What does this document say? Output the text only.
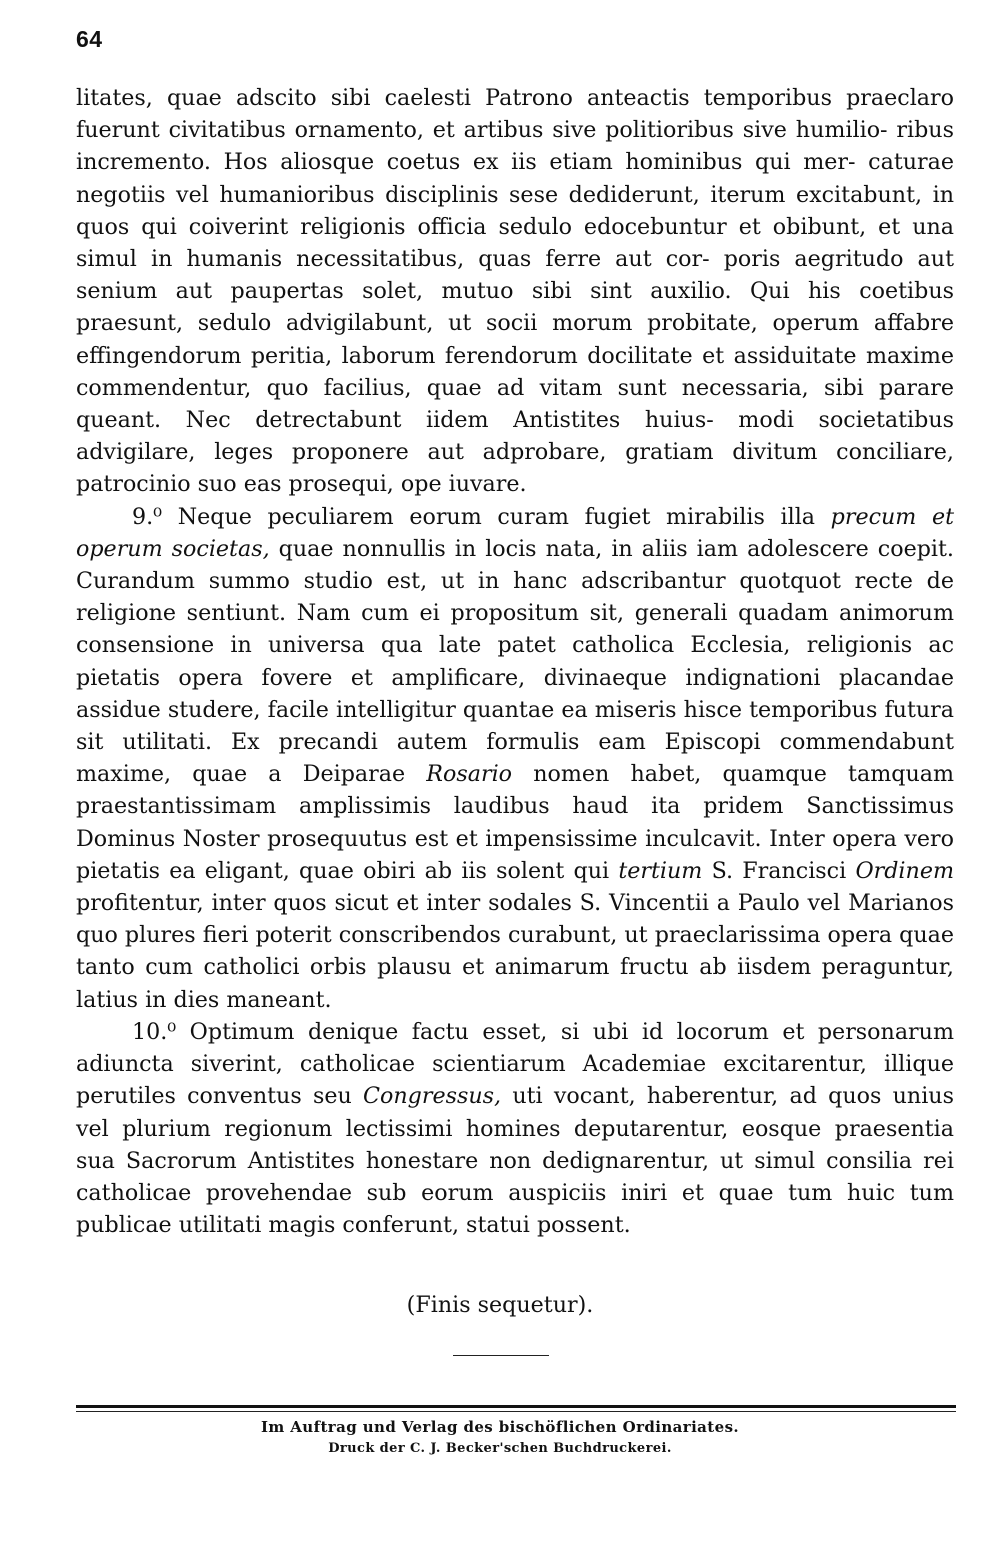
64

litates, quae adscito sibi caelesti Patrono anteactis temporibus praeclaro fuerunt civitatibus ornamento, et artibus sive politioribus sive humilio- ribus incremento. Hos aliosque coetus ex iis etiam hominibus qui mer- caturae negotiis vel humanioribus disciplinis sese dediderunt, iterum excitabunt, in quos qui coiverint religionis officia sedulo edocebuntur et obibunt, et una simul in humanis necessitatibus, quas ferre aut cor- poris aegritudo aut senium aut paupertas solet, mutuo sibi sint auxilio. Qui his coetibus praesunt, sedulo advigilabunt, ut socii morum probitate, operum affabre effingendorum peritia, laborum ferendorum docilitate et assiduitate maxime commendentur, quo facilius, quae ad vitam sunt necessaria, sibi parare queant. Nec detrectabunt iidem Antistites huius- modi societatibus advigilare, leges proponere aut adprobare, gratiam divitum conciliare, patrocinio suo eas prosequi, ope iuvare.

9.⁰ Neque peculiarem eorum curam fugiet mirabilis illa precum et operum societas, quae nonnullis in locis nata, in aliis iam adolescere coepit. Curandum summo studio est, ut in hanc adscribantur quotquot recte de religione sentiunt. Nam cum ei propositum sit, generali quadam animorum consensione in universa qua late patet catholica Ecclesia, religionis ac pietatis opera fovere et amplificare, divinaeque indignationi placandae assidue studere, facile intelligitur quantae ea miseris hisce temporibus futura sit utilitati. Ex precandi autem formulis eam Episcopi commendabunt maxime, quae a Deiparae Rosario nomen habet, quamque tamquam praestantissimam amplissimis laudibus haud ita pridem Sanctissimus Dominus Noster prosequutus est et impensissime inculcavit. Inter opera vero pietatis ea eligant, quae obiri ab iis solent qui tertium S. Francisci Ordinem profitentur, inter quos sicut et inter sodales S. Vincentii a Paulo vel Marianos quo plures fieri poterit conscribendos curabunt, ut praeclarissima opera quae tanto cum catholici orbis plausu et animarum fructu ab iisdem peraguntur, latius in dies maneant.

10.⁰ Optimum denique factu esset, si ubi id locorum et personarum adiuncta siverint, catholicae scientiarum Academiae excitarentur, illique perutiles conventus seu Congressus, uti vocant, haberentur, ad quos unius vel plurium regionum lectissimi homines deputarentur, eosque praesentia sua Sacrorum Antistites honestare non dedignarentur, ut simul consilia rei catholicae provehendae sub eorum auspiciis iniri et quae tum huic tum publicae utilitati magis conferunt, statui possent.

(Finis sequetur).
Im Auftrag und Verlag des bischöflichen Ordinariates.
Druck der C. J. Becker'schen Buchdruckerei.
